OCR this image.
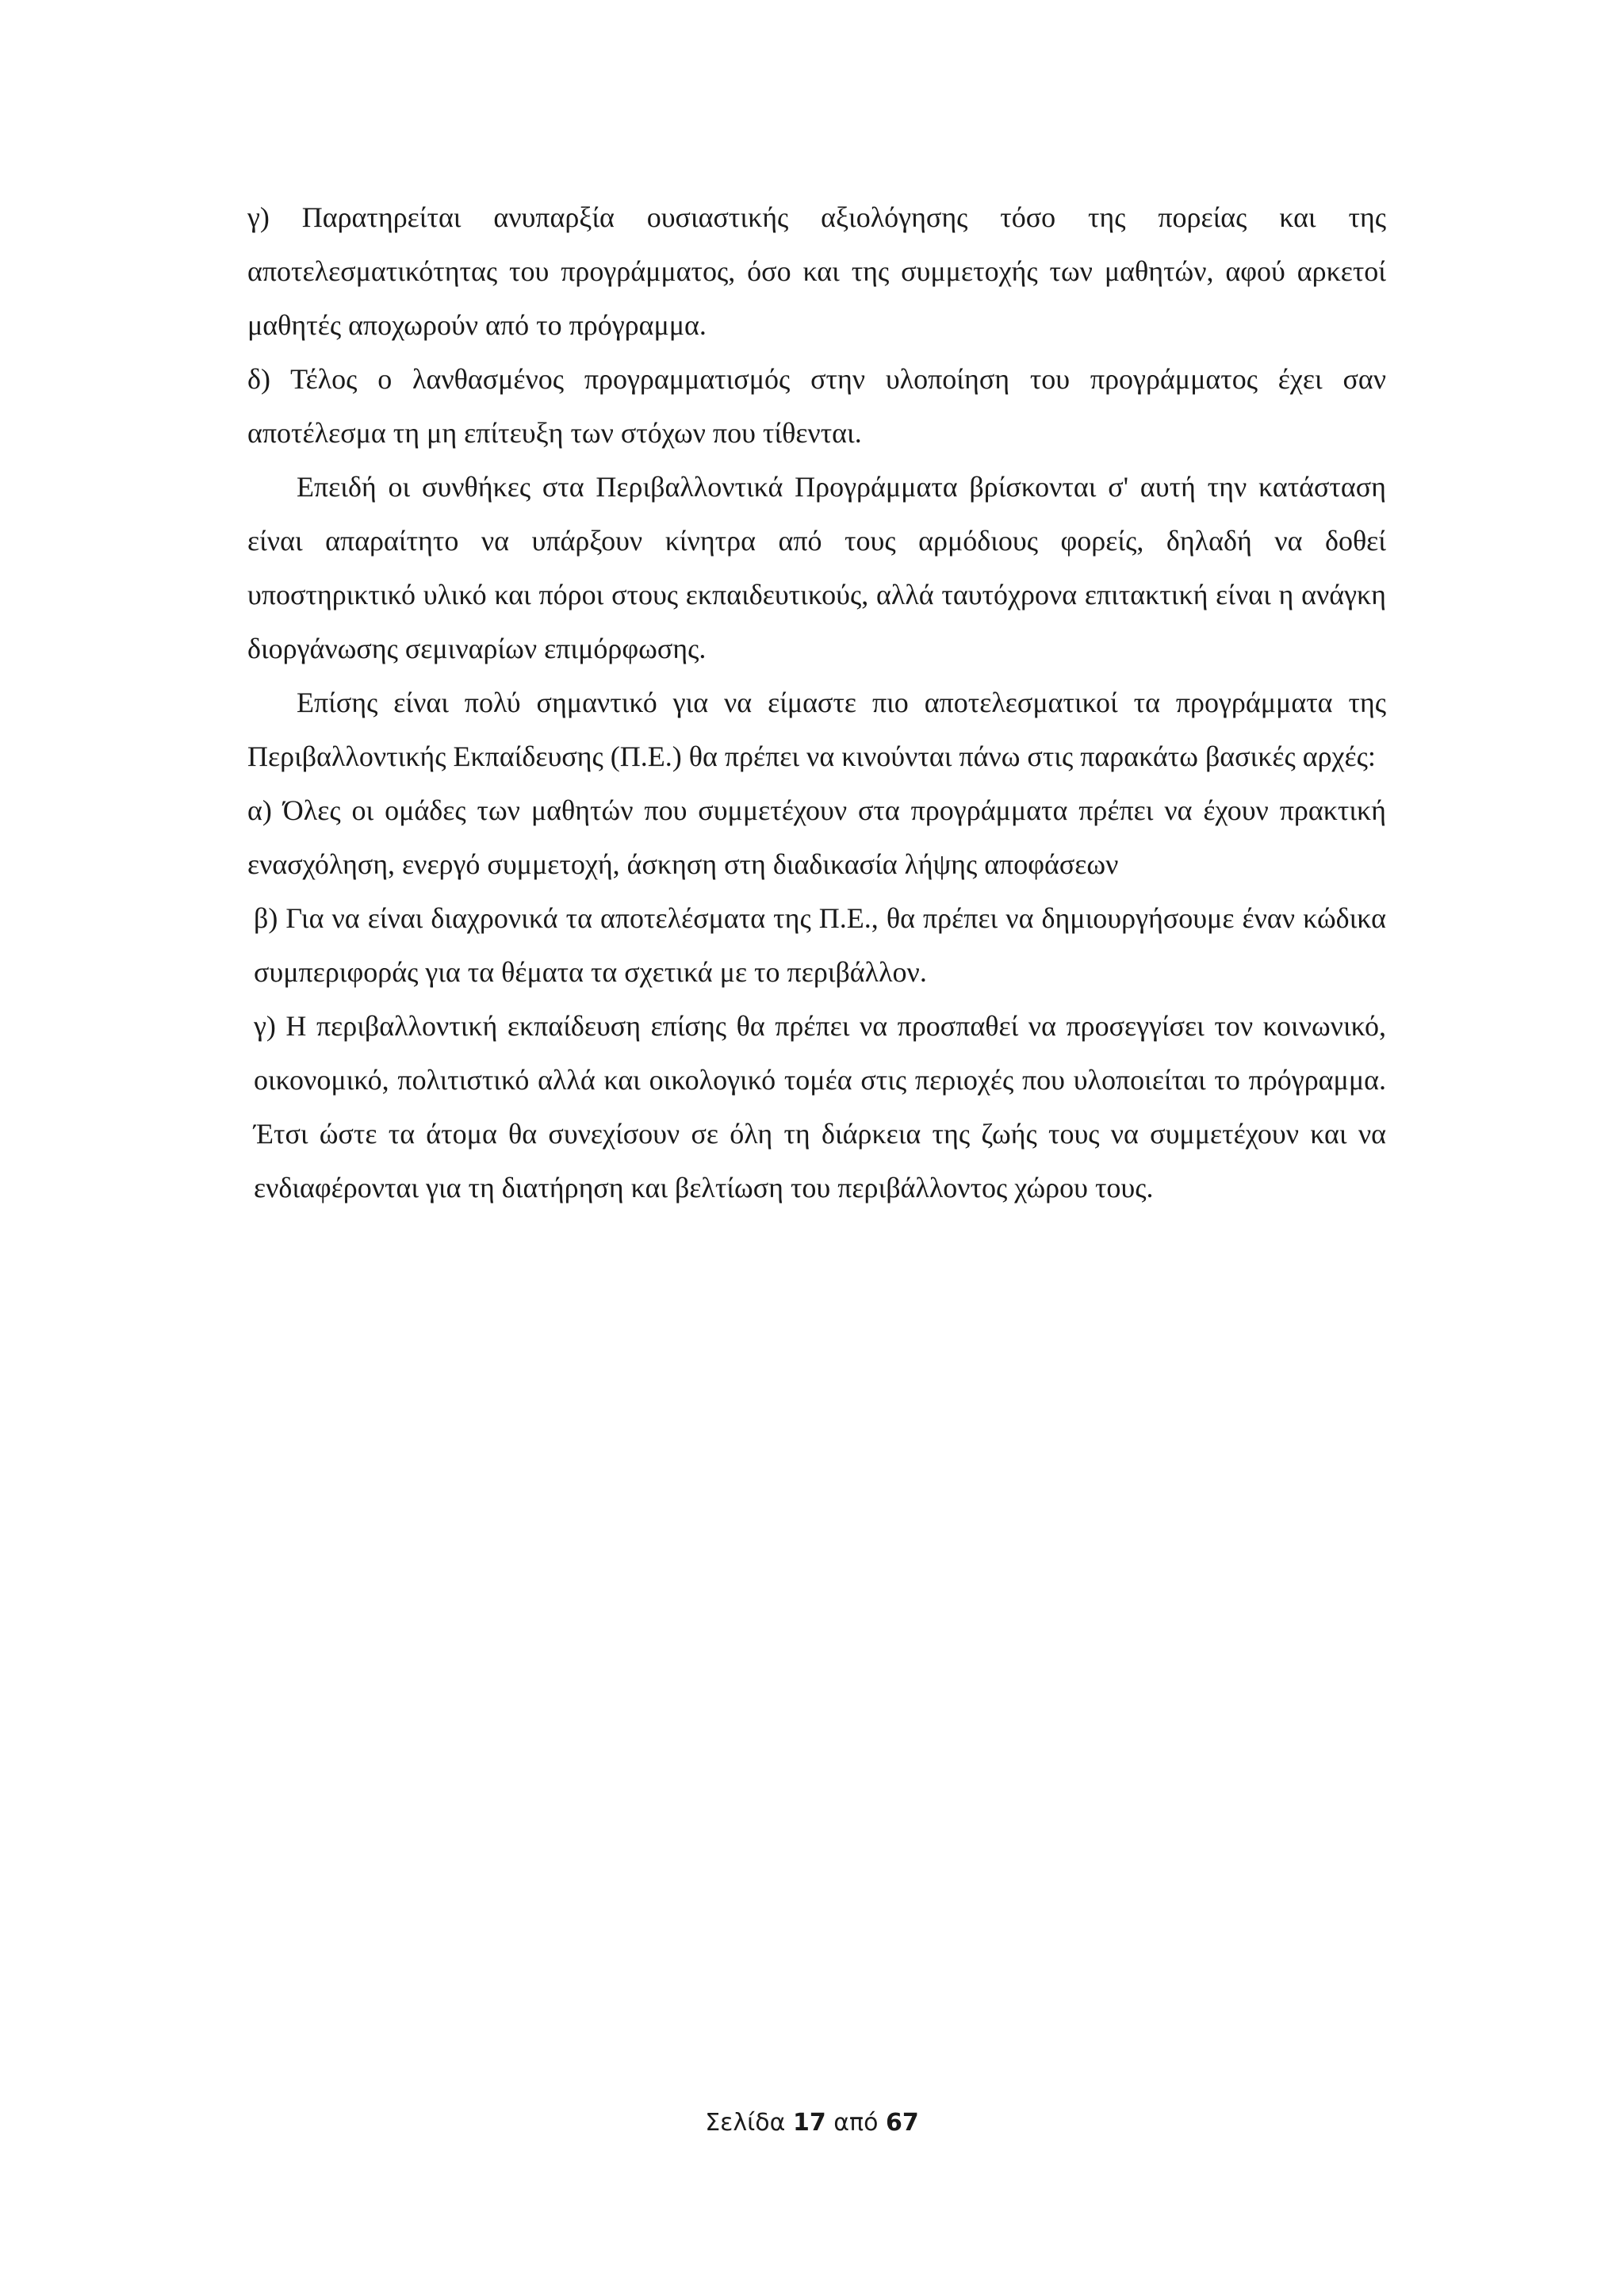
γ) Παρατηρείται ανυπαρξία ουσιαστικής αξιολόγησης τόσο της πορείας και της αποτελεσματικότητας του προγράμματος, όσο και της συμμετοχής των μαθητών, αφού αρκετοί μαθητές αποχωρούν από το πρόγραμμα.

δ) Τέλος ο λανθασμένος προγραμματισμός στην υλοποίηση του προγράμματος έχει σαν αποτέλεσμα τη μη επίτευξη των στόχων που τίθενται.

Επειδή οι συνθήκες στα Περιβαλλοντικά Προγράμματα βρίσκονται σ' αυτή την κατάσταση είναι απαραίτητο να υπάρξουν κίνητρα από τους αρμόδιους φορείς, δηλαδή να δοθεί υποστηρικτικό υλικό και πόροι στους εκπαιδευτικούς, αλλά ταυτόχρονα επιτακτική είναι η ανάγκη διοργάνωσης σεμιναρίων επιμόρφωσης.

Επίσης είναι πολύ σημαντικό για να είμαστε πιο αποτελεσματικοί τα προγράμματα της Περιβαλλοντικής Εκπαίδευσης (Π.Ε.) θα πρέπει να κινούνται πάνω στις παρακάτω βασικές αρχές:

α) Όλες οι ομάδες των μαθητών που συμμετέχουν στα προγράμματα πρέπει να έχουν πρακτική ενασχόληση, ενεργό συμμετοχή, άσκηση στη διαδικασία λήψης αποφάσεων

β) Για να είναι διαχρονικά τα αποτελέσματα της Π.Ε., θα πρέπει να δημιουργήσουμε έναν κώδικα συμπεριφοράς για τα θέματα τα σχετικά με το περιβάλλον.

γ) Η περιβαλλοντική εκπαίδευση επίσης θα πρέπει να προσπαθεί να προσεγγίσει τον κοινωνικό, οικονομικό, πολιτιστικό αλλά και οικολογικό τομέα στις περιοχές που υλοποιείται το πρόγραμμα. Έτσι ώστε τα άτομα θα συνεχίσουν σε όλη τη διάρκεια της ζωής τους να συμμετέχουν και να ενδιαφέρονται για τη διατήρηση και βελτίωση του περιβάλλοντος χώρου τους.

Σελίδα 17 από 67
